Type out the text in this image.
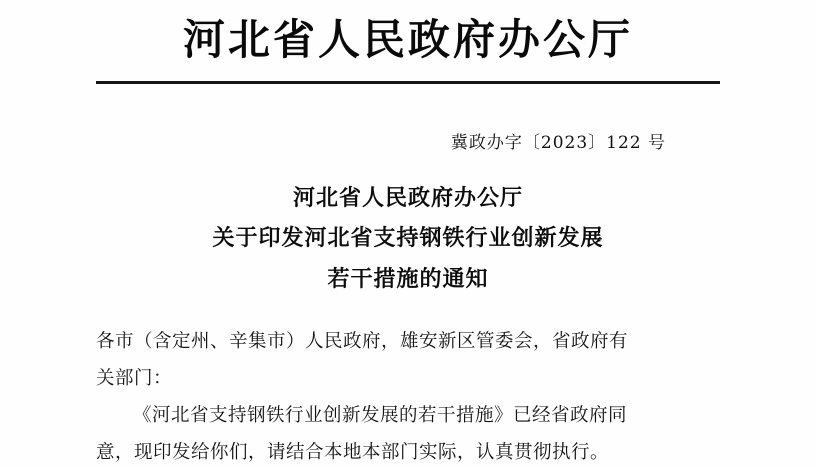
河北省人民政府办公厅
冀政办字〔2023〕122 号
河北省人民政府办公厅
关于印发河北省支持钢铁行业创新发展
若干措施的通知
各市（含定州、辛集市）人民政府，雄安新区管委会，省政府有
关部门：
《河北省支持钢铁行业创新发展的若干措施》已经省政府同
意，现印发给你们，请结合本地本部门实际，认真贯彻执行。
